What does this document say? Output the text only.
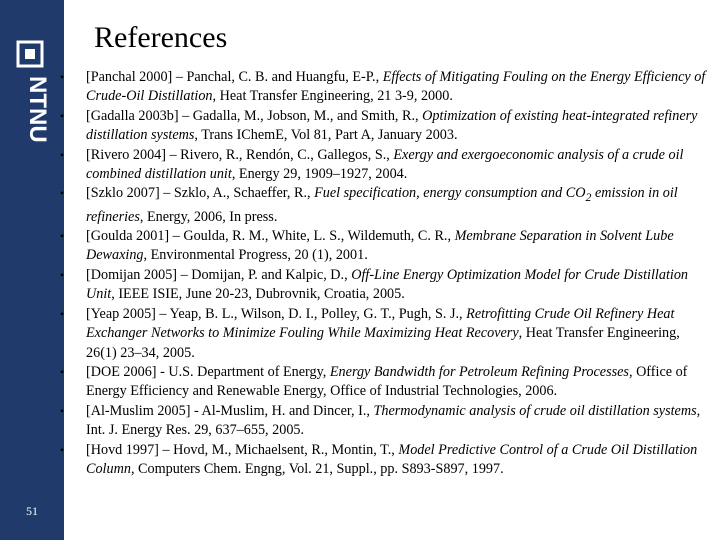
NTNU
51
References
• [Panchal 2000] – Panchal, C. B. and Huangfu, E-P., Effects of Mitigating Fouling on the Energy Efficiency of Crude-Oil Distillation, Heat Transfer Engineering, 21 3-9, 2000.
• [Gadalla 2003b] – Gadalla, M., Jobson, M., and Smith, R., Optimization of existing heat-integrated refinery distillation systems, Trans IChemE, Vol 81, Part A, January 2003.
• [Rivero 2004] – Rivero, R., Rendón, C., Gallegos, S., Exergy and exergoeconomic analysis of a crude oil combined distillation unit, Energy 29, 1909–1927, 2004.
• [Szklo 2007] – Szklo, A., Schaeffer, R., Fuel specification, energy consumption and $CO_2$ emission in oil refineries, Energy, 2006, In press.
• [Goulda 2001] – Goulda, R. M., White, L. S., Wildemuth, C. R., Membrane Separation in Solvent Lube Dewaxing, Environmental Progress, 20 (1), 2001.
• [Domijan 2005] – Domijan, P. and Kalpic, D., Off-Line Energy Optimization Model for Crude Distillation Unit, IEEE ISIE, June 20-23, Dubrovnik, Croatia, 2005.
• [Yeap 2005] – Yeap, B. L., Wilson, D. I., Polley, G. T., Pugh, S. J., Retrofitting Crude Oil Refinery Heat Exchanger Networks to Minimize Fouling While Maximizing Heat Recovery, Heat Transfer Engineering, 26(1) 23–34, 2005.
• [DOE 2006] - U.S. Department of Energy, Energy Bandwidth for Petroleum Refining Processes, Office of Energy Efficiency and Renewable Energy, Office of Industrial Technologies, 2006.
• [Al-Muslim 2005] - Al-Muslim, H. and Dincer, I., Thermodynamic analysis of crude oil distillation systems, Int. J. Energy Res. 29, 637–655, 2005.
• [Hovd 1997] – Hovd, M., Michaelsent, R., Montin, T., Model Predictive Control of a Crude Oil Distillation Column, Computers Chem. Engng, Vol. 21, Suppl., pp. S893-S897, 1997.
